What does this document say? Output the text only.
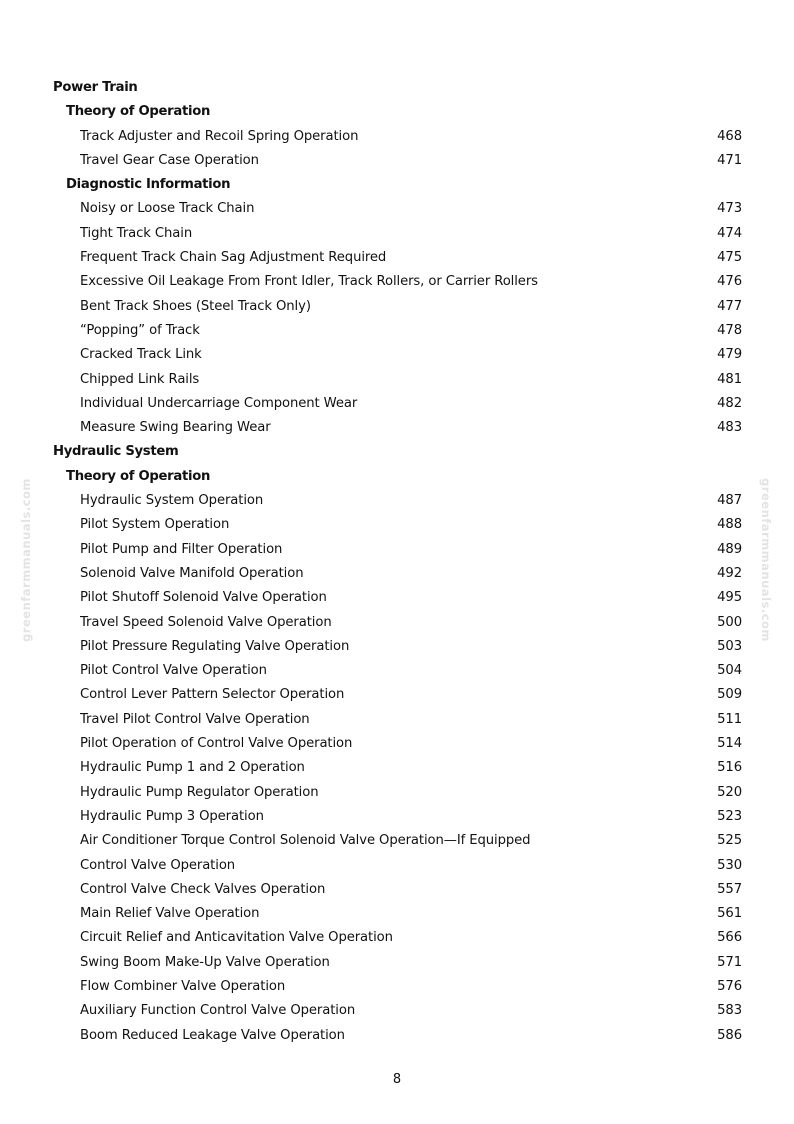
Power Train
Theory of Operation
Track Adjuster and Recoil Spring Operation	468
Travel Gear Case Operation	471
Diagnostic Information
Noisy or Loose Track Chain	473
Tight Track Chain	474
Frequent Track Chain Sag Adjustment Required	475
Excessive Oil Leakage From Front Idler, Track Rollers, or Carrier Rollers	476
Bent Track Shoes (Steel Track Only)	477
“Popping” of Track	478
Cracked Track Link	479
Chipped Link Rails	481
Individual Undercarriage Component Wear	482
Measure Swing Bearing Wear	483
Hydraulic System
Theory of Operation
Hydraulic System Operation	487
Pilot System Operation	488
Pilot Pump and Filter Operation	489
Solenoid Valve Manifold Operation	492
Pilot Shutoff Solenoid Valve Operation	495
Travel Speed Solenoid Valve Operation	500
Pilot Pressure Regulating Valve Operation	503
Pilot Control Valve Operation	504
Control Lever Pattern Selector Operation	509
Travel Pilot Control Valve Operation	511
Pilot Operation of Control Valve Operation	514
Hydraulic Pump 1 and 2 Operation	516
Hydraulic Pump Regulator Operation	520
Hydraulic Pump 3 Operation	523
Air Conditioner Torque Control Solenoid Valve Operation—If Equipped	525
Control Valve Operation	530
Control Valve Check Valves Operation	557
Main Relief Valve Operation	561
Circuit Relief and Anticavitation Valve Operation	566
Swing Boom Make-Up Valve Operation	571
Flow Combiner Valve Operation	576
Auxiliary Function Control Valve Operation	583
Boom Reduced Leakage Valve Operation	586
greenfarmmanuals.com	greenfarmmanuals.com
8
